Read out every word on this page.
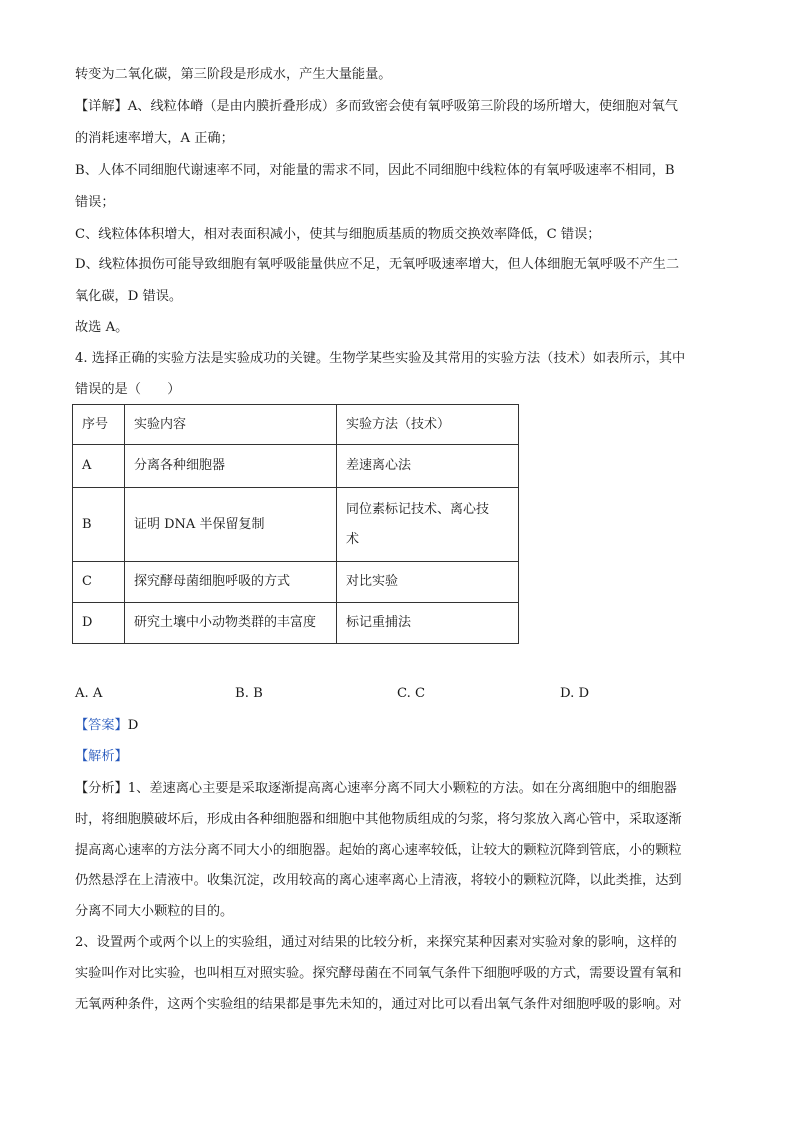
转变为二氧化碳，第三阶段是形成水，产生大量能量。
【详解】A、线粒体嵴（是由内膜折叠形成）多而致密会使有氧呼吸第三阶段的场所增大，使细胞对氧气
的消耗速率增大，A 正确；
B、人体不同细胞代谢速率不同，对能量的需求不同，因此不同细胞中线粒体的有氧呼吸速率不相同，B
错误；
C、线粒体体积增大，相对表面积减小，使其与细胞质基质的物质交换效率降低，C 错误；
D、线粒体损伤可能导致细胞有氧呼吸能量供应不足，无氧呼吸速率增大，但人体细胞无氧呼吸不产生二
氧化碳，D 错误。
故选 A。
4. 选择正确的实验方法是实验成功的关键。生物学某些实验及其常用的实验方法（技术）如表所示，其中
错误的是（　　）
序号	实验内容	实验方法（技术）
A	分离各种细胞器	差速离心法
B	证明 DNA 半保留复制	同位素标记技术、离心技
术

C	探究酵母菌细胞呼吸的方式	对比实验
D	研究土壤中小动物类群的丰富度	标记重捕法
A. A	B. B	C. C	D. D
【答案】D
【解析】
【分析】1、差速离心主要是采取逐渐提高离心速率分离不同大小颗粒的方法。如在分离细胞中的细胞器
时，将细胞膜破坏后，形成由各种细胞器和细胞中其他物质组成的匀浆，将匀浆放入离心管中，采取逐渐
提高离心速率的方法分离不同大小的细胞器。起始的离心速率较低，让较大的颗粒沉降到管底，小的颗粒
仍然悬浮在上清液中。收集沉淀，改用较高的离心速率离心上清液，将较小的颗粒沉降，以此类推，达到
分离不同大小颗粒的目的。
2、设置两个或两个以上的实验组，通过对结果的比较分析，来探究某种因素对实验对象的影响，这样的
实验叫作对比实验，也叫相互对照实验。探究酵母菌在不同氧气条件下细胞呼吸的方式，需要设置有氧和
无氧两种条件，这两个实验组的结果都是事先未知的，通过对比可以看出氧气条件对细胞呼吸的影响。对
